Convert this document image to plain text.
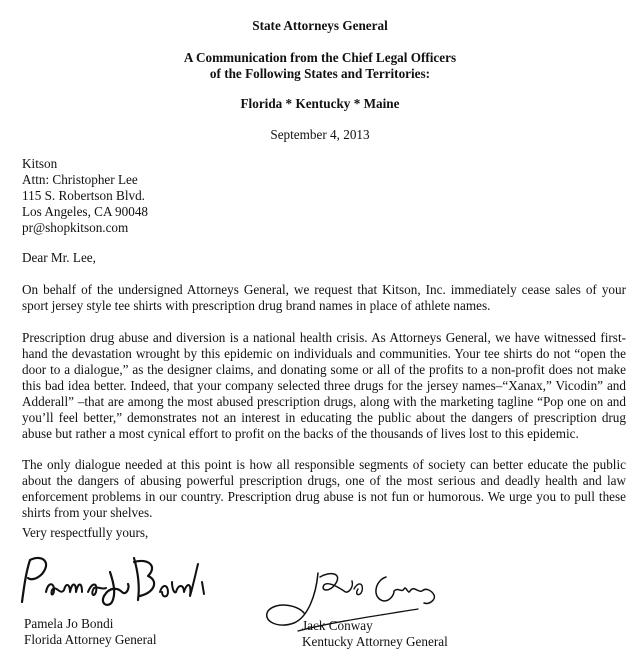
State Attorneys General
A Communication from the Chief Legal Officers
of the Following States and Territories:
Florida * Kentucky * Maine
September 4, 2013
Kitson
Attn: Christopher Lee
115 S. Robertson Blvd.
Los Angeles, CA 90048
pr@shopkitson.com
Dear Mr. Lee,
On behalf of the undersigned Attorneys General, we request that Kitson, Inc. immediately cease sales of your sport jersey style tee shirts with prescription drug brand names in place of athlete names.
Prescription drug abuse and diversion is a national health crisis. As Attorneys General, we have witnessed first-hand the devastation wrought by this epidemic on individuals and communities. Your tee shirts do not “open the door to a dialogue,” as the designer claims, and donating some or all of the profits to a non-profit does not make this bad idea better. Indeed, that your company selected three drugs for the jersey names–“Xanax,” Vicodin” and Adderall” –that are among the most abused prescription drugs, along with the marketing tagline “Pop one on and you’ll feel better,” demonstrates not an interest in educating the public about the dangers of prescription drug abuse but rather a most cynical effort to profit on the backs of the thousands of lives lost to this epidemic.
The only dialogue needed at this point is how all responsible segments of society can better educate the public about the dangers of abusing powerful prescription drugs, one of the most serious and deadly health and law enforcement problems in our country. Prescription drug abuse is not fun or humorous. We urge you to pull these shirts from your shelves.
Very respectfully yours,
Pamela Jo Bondi
Florida Attorney General
Jack Conway
Kentucky Attorney General
